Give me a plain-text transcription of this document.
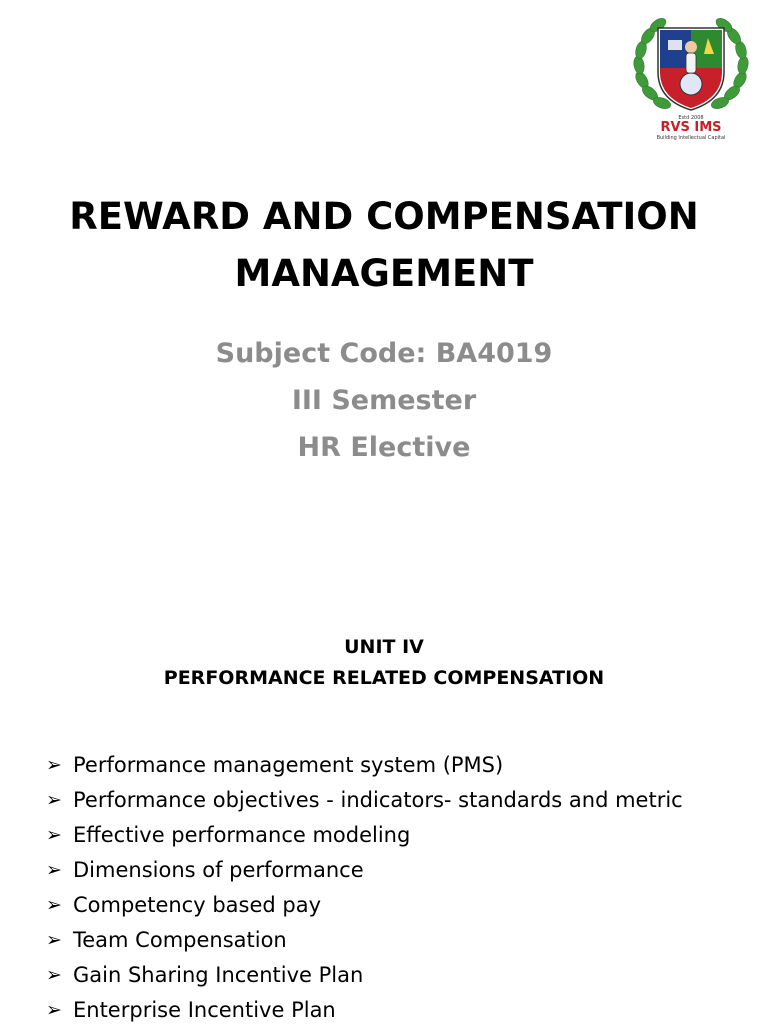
Estd 2008
RVS IMS
Building Intellectual Capital
REWARD AND COMPENSATION
MANAGEMENT
Subject Code: BA4019
III Semester
HR Elective
UNIT IV
PERFORMANCE RELATED COMPENSATION
➢ Performance management system (PMS)
➢ Performance objectives - indicators- standards and metric
➢ Effective performance modeling
➢ Dimensions of performance
➢ Competency based pay
➢ Team Compensation
➢ Gain Sharing Incentive Plan
➢ Enterprise Incentive Plan
